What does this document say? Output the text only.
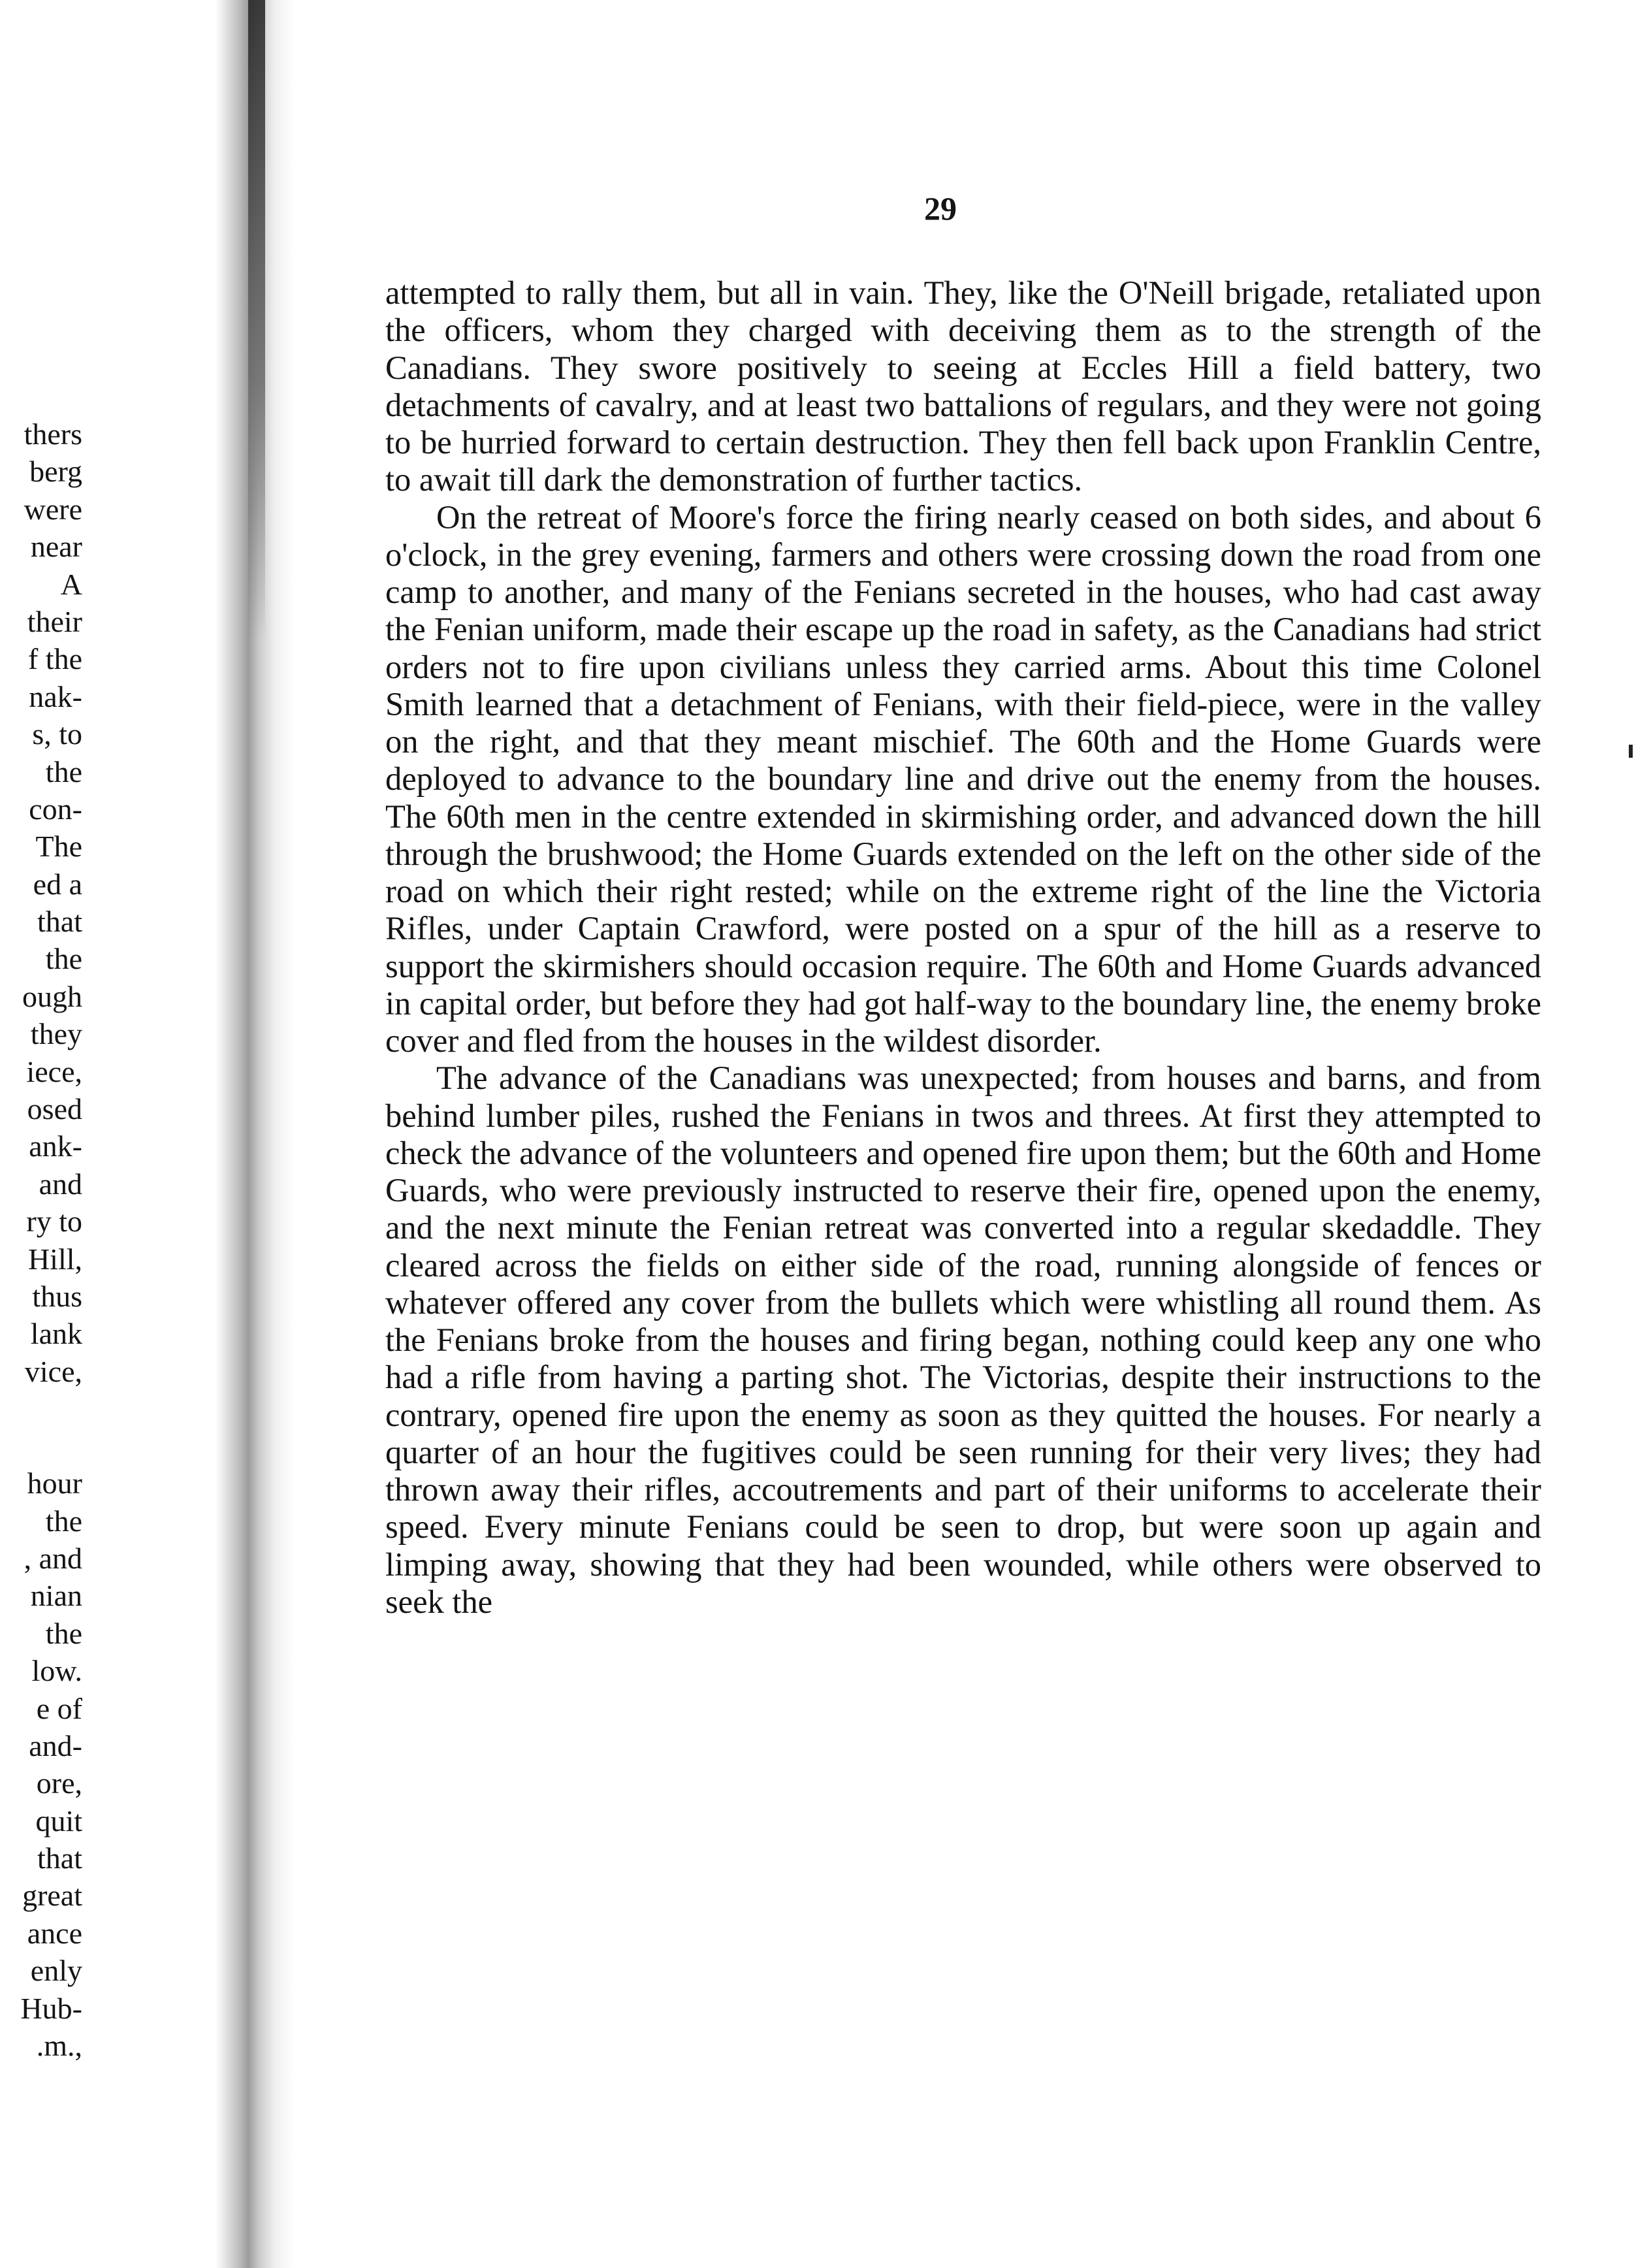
thers
berg
were
near
A
their
f the
nak-
s, to
the
con-
The
ed a
that
the
ough
they
iece,
osed
ank-
and
ry to
Hill,
thus
lank
vice,
hour
the
, and
nian
the
low.
e of
and-
ore,
quit
that
great
ance
enly
Hub-
.m.,
29

attempted to rally them, but all in vain. They, like the O'Neill brigade, retaliated upon the officers, whom they charged with deceiving them as to the strength of the Canadians. They swore positively to seeing at Eccles Hill a field battery, two detachments of cavalry, and at least two battalions of regulars, and they were not going to be hurried forward to certain destruction. They then fell back upon Franklin Centre, to await till dark the demonstration of further tactics.

On the retreat of Moore's force the firing nearly ceased on both sides, and about 6 o'clock, in the grey evening, farmers and others were crossing down the road from one camp to another, and many of the Fenians secreted in the houses, who had cast away the Fenian uniform, made their escape up the road in safety, as the Canadians had strict orders not to fire upon civilians unless they carried arms. About this time Colonel Smith learned that a detachment of Fenians, with their field-piece, were in the valley on the right, and that they meant mischief. The 60th and the Home Guards were deployed to advance to the boundary line and drive out the enemy from the houses. The 60th men in the centre extended in skirmishing order, and advanced down the hill through the brushwood; the Home Guards extended on the left on the other side of the road on which their right rested; while on the extreme right of the line the Victoria Rifles, under Captain Crawford, were posted on a spur of the hill as a reserve to support the skirmishers should occasion require. The 60th and Home Guards advanced in capital order, but before they had got half-way to the boundary line, the enemy broke cover and fled from the houses in the wildest disorder.

The advance of the Canadians was unexpected; from houses and barns, and from behind lumber piles, rushed the Fenians in twos and threes. At first they attempted to check the advance of the volunteers and opened fire upon them; but the 60th and Home Guards, who were previously instructed to reserve their fire, opened upon the enemy, and the next minute the Fenian retreat was converted into a regular skedaddle. They cleared across the fields on either side of the road, running alongside of fences or whatever offered any cover from the bullets which were whistling all round them. As the Fenians broke from the houses and firing began, nothing could keep any one who had a rifle from having a parting shot. The Victorias, despite their instructions to the contrary, opened fire upon the enemy as soon as they quitted the houses. For nearly a quarter of an hour the fugitives could be seen running for their very lives; they had thrown away their rifles, accoutrements and part of their uniforms to accelerate their speed. Every minute Fenians could be seen to drop, but were soon up again and limping away, showing that they had been wounded, while others were observed to seek the
